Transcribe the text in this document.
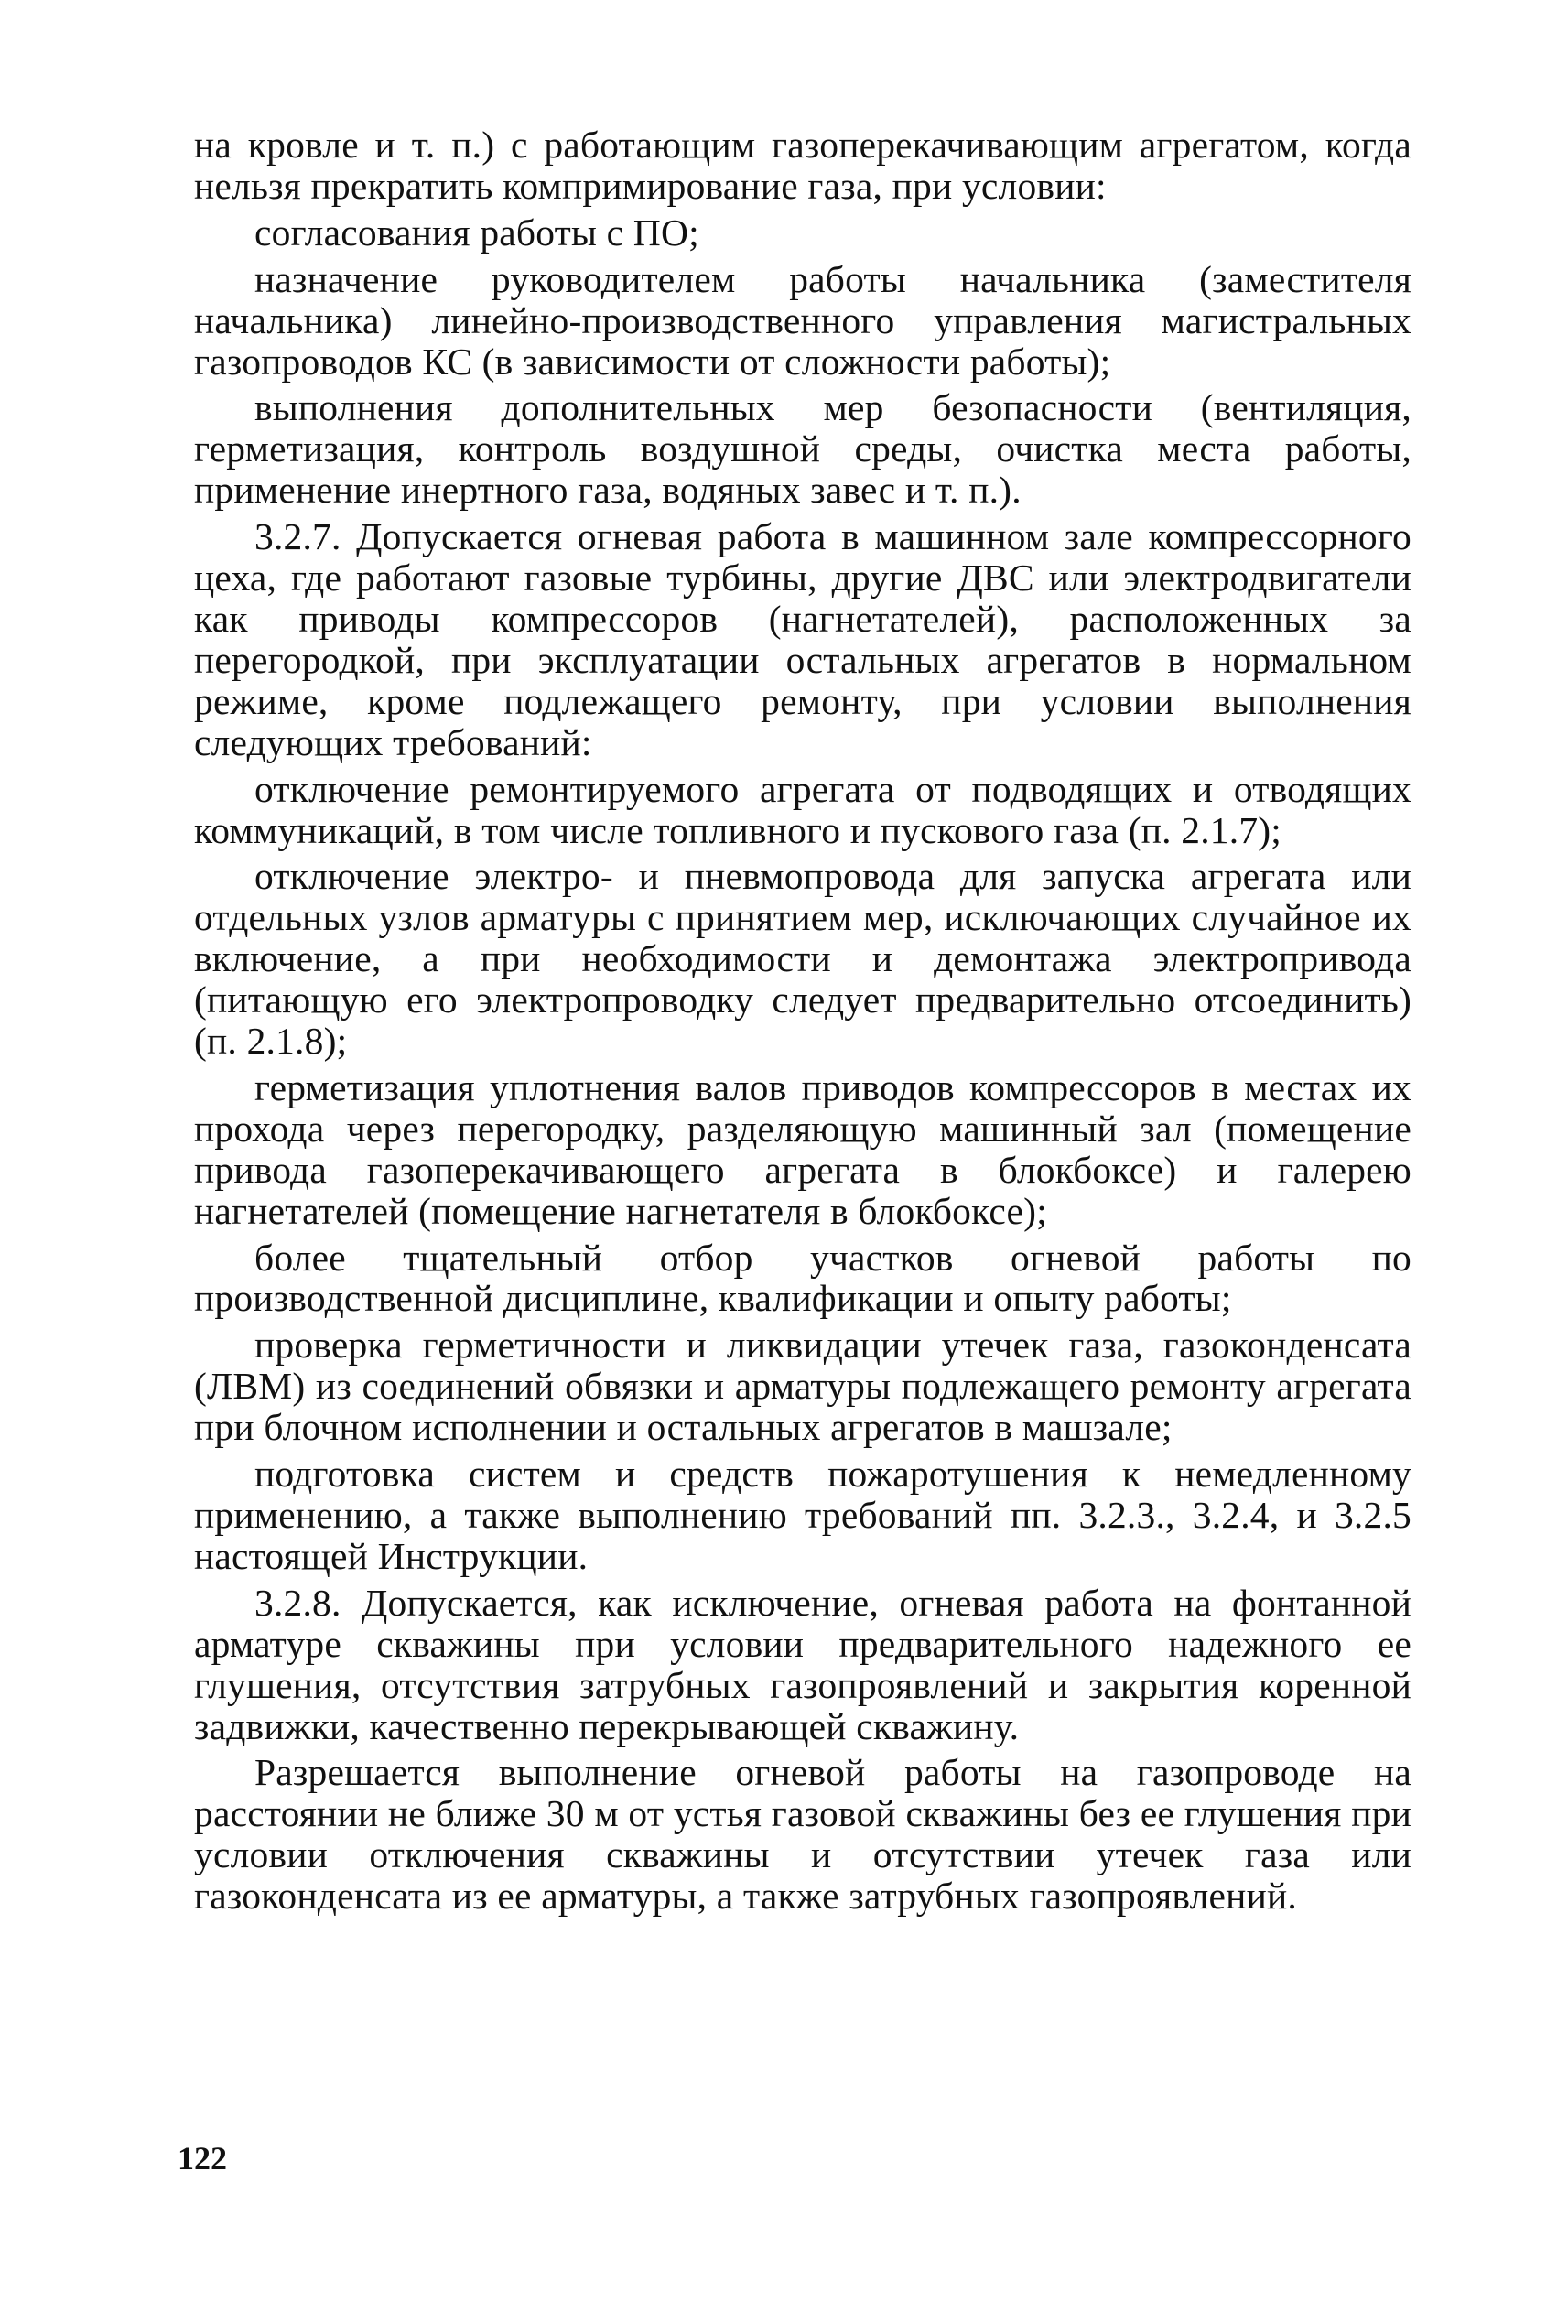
на кровле и т. п.) с работающим газоперекачивающим агрегатом, когда нельзя прекратить компримирование газа, при условии:

согласования работы с ПО;

назначение руководителем работы начальника (заместителя начальника) линейно-производственного управления магистральных газопроводов КС (в зависимости от сложности работы);

выполнения дополнительных мер безопасности (вентиляция, герметизация, контроль воздушной среды, очистка места работы, применение инертного газа, водяных завес и т. п.).

3.2.7. Допускается огневая работа в машинном зале компрессорного цеха, где работают газовые турбины, другие ДВС или электродвигатели как приводы компрессоров (нагнетателей), расположенных за перегородкой, при эксплуатации остальных агрегатов в нормальном режиме, кроме подлежащего ремонту, при условии выполнения следующих требований:

отключение ремонтируемого агрегата от подводящих и отводящих коммуникаций, в том числе топливного и пускового газа (п. 2.1.7);

отключение электро- и пневмопровода для запуска агрегата или отдельных узлов арматуры с принятием мер, исключающих случайное их включение, а при необходимости и демонтажа электропривода (питающую его электропроводку следует предварительно отсоединить) (п. 2.1.8);

герметизация уплотнения валов приводов компрессоров в местах их прохода через перегородку, разделяющую машинный зал (помещение привода газоперекачивающего агрегата в блокбоксе) и галерею нагнетателей (помещение нагнетателя в блокбоксе);

более тщательный отбор участков огневой работы по производственной дисциплине, квалификации и опыту работы;

проверка герметичности и ликвидации утечек газа, газоконденсата (ЛВМ) из соединений обвязки и арматуры подлежащего ремонту агрегата при блочном исполнении и остальных агрегатов в машзале;

подготовка систем и средств пожаротушения к немедленному применению, а также выполнению требований пп. 3.2.3., 3.2.4, и 3.2.5 настоящей Инструкции.

3.2.8. Допускается, как исключение, огневая работа на фонтанной арматуре скважины при условии предварительного надежного ее глушения, отсутствия затрубных газопроявлений и закрытия коренной задвижки, качественно перекрывающей скважину.

Разрешается выполнение огневой работы на газопроводе на расстоянии не ближе 30 м от устья газовой скважины без ее глушения при условии отключения скважины и отсутствии утечек газа или газоконденсата из ее арматуры, а также затрубных газопроявлений.

122
